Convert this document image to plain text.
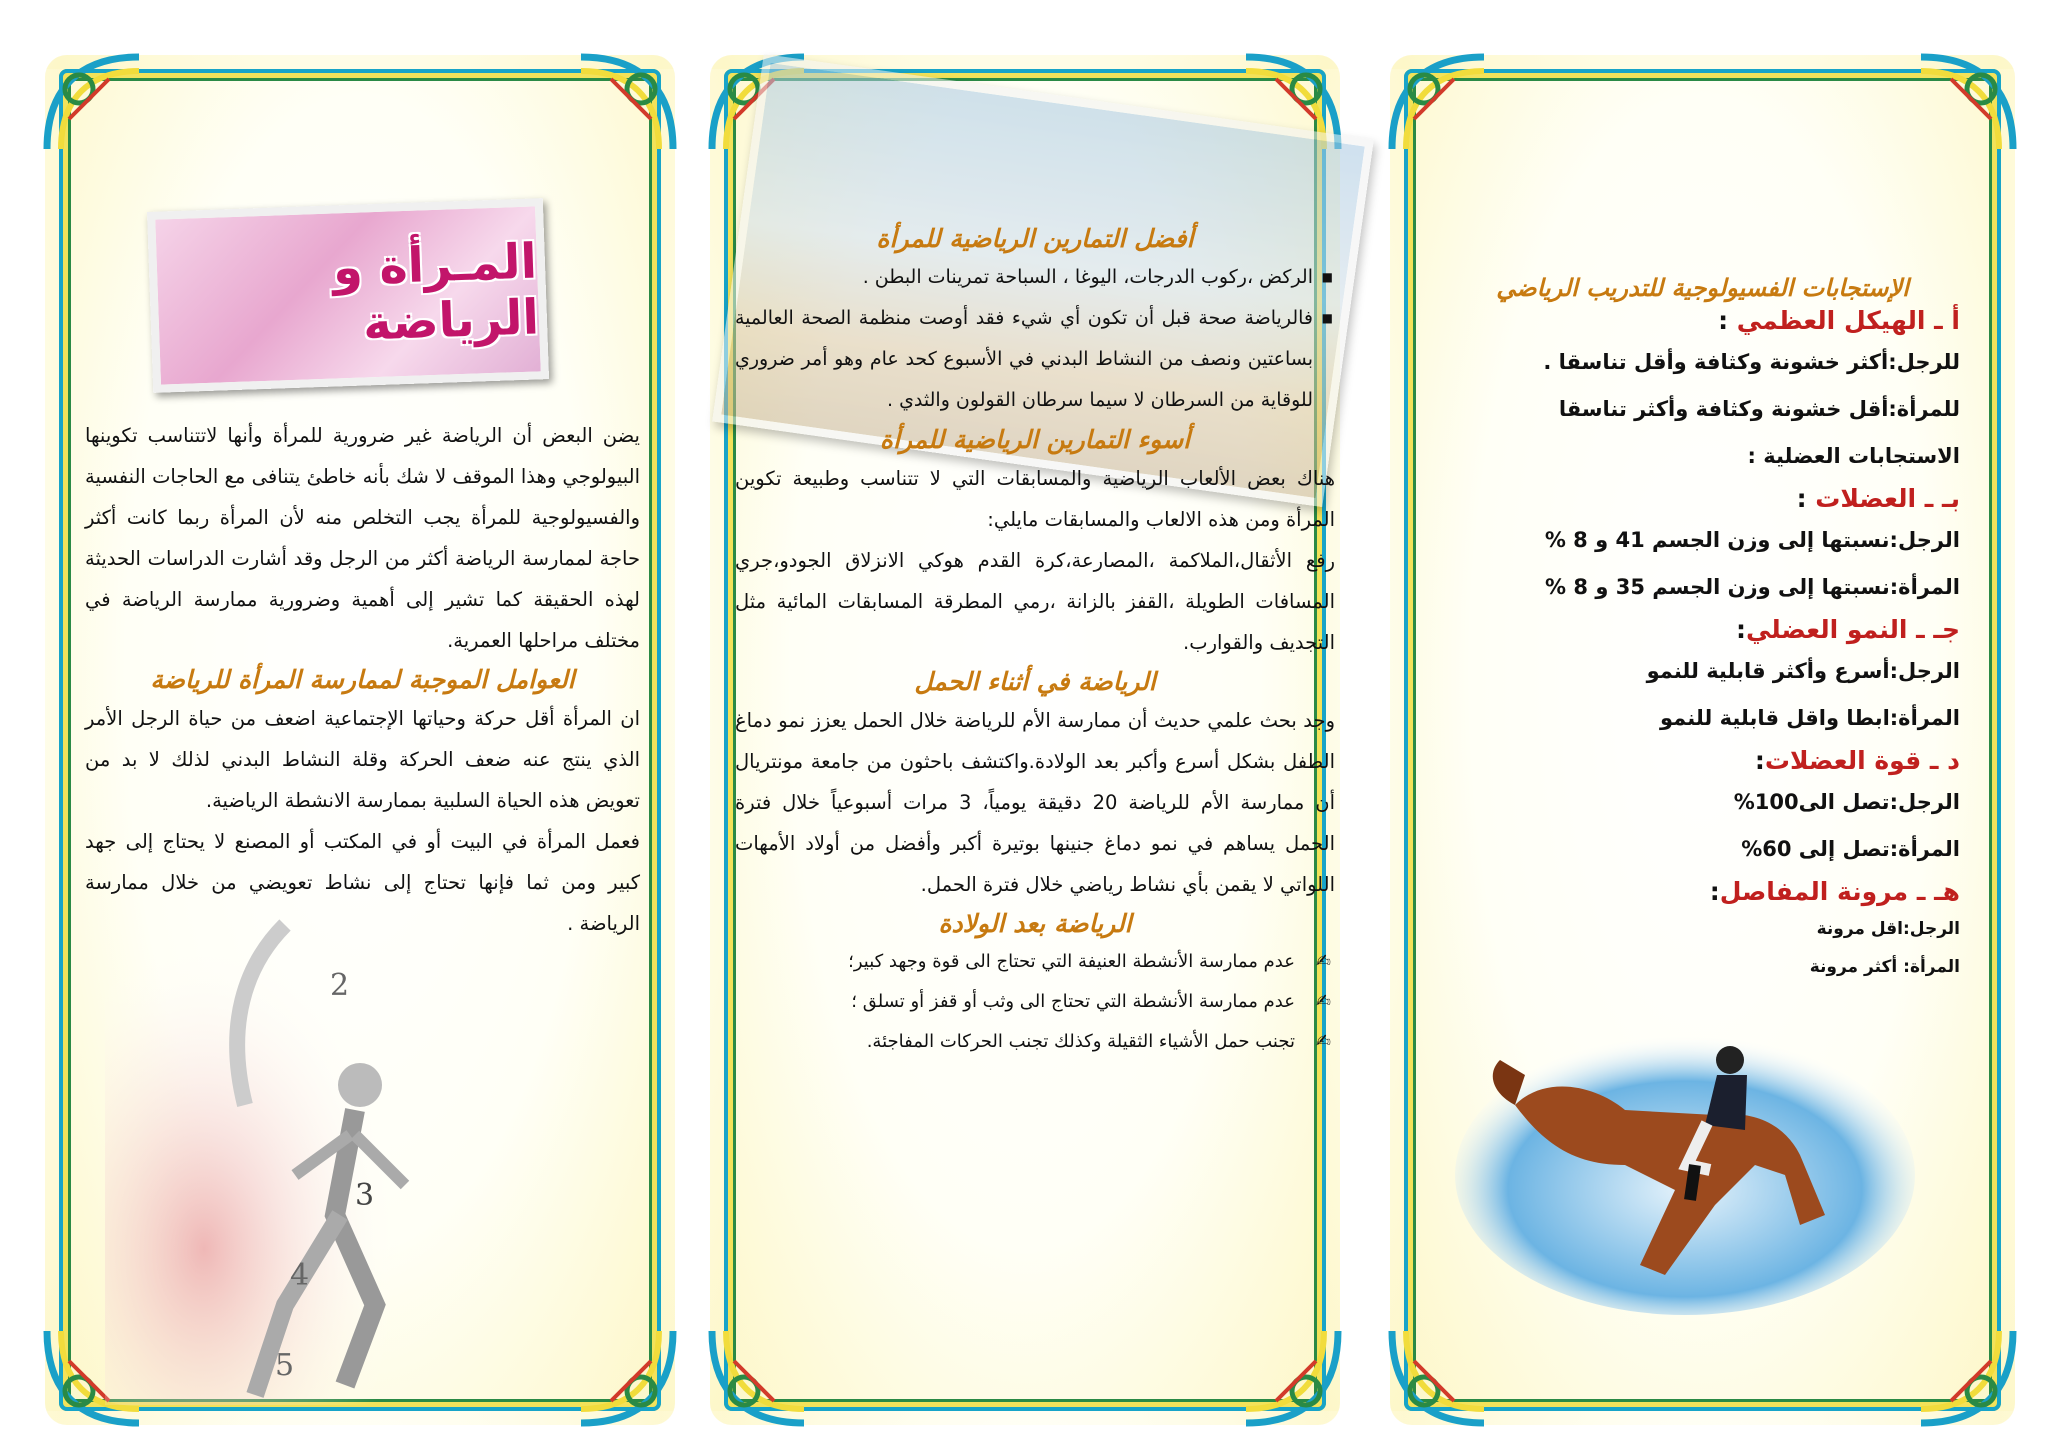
2
3
4
5
المـرأة و الرياضة

يضن البعض أن الرياضة غير ضرورية للمرأة وأنها لاتتناسب تكوينها البيولوجي وهذا الموقف لا شك بأنه خاطئ يتنافى مع الحاجات النفسية والفسيولوجية للمرأة يجب التخلص منه لأن المرأة ربما كانت أكثر حاجة لممارسة الرياضة أكثر من الرجل وقد أشارت الدراسات الحديثة لهذه الحقيقة كما تشير إلى أهمية وضرورية ممارسة الرياضة في مختلف مراحلها العمرية.

العوامل الموجبة لممارسة المرأة للرياضة

ان المرأة أقل حركة وحياتها الإجتماعية اضعف من حياة الرجل الأمر الذي ينتج عنه ضعف الحركة وقلة النشاط البدني لذلك لا بد من تعويض هذه الحياة السلبية بممارسة الانشطة الرياضية.

فعمل المرأة في البيت أو في المكتب أو المصنع لا يحتاج إلى جهد كبير ومن ثما فإنها تحتاج إلى نشاط تعويضي من خلال ممارسة الرياضة .

أفضل التمارين الرياضية للمرأة
■ الركض ،ركوب الدرجات، اليوغا ، السباحة تمرينات البطن .
■ فالرياضة صحة قبل أن تكون أي شيء فقد أوصت منظمة الصحة العالمية بساعتين ونصف من النشاط البدني في الأسبوع كحد عام وهو أمر ضروري للوقاية من السرطان لا سيما سرطان القولون والثدي .
أسوء التمارين الرياضية للمرأة

هناك بعض الألعاب الرياضية والمسابقات التي لا تتناسب وطبيعة تكوين المرأة ومن هذه الالعاب والمسابقات مايلي:

رفع الأثقال،الملاكمة ،المصارعة،كرة القدم هوكي الانزلاق الجودو،جري المسافات الطويلة ،القفز بالزانة ،رمي المطرقة المسابقات المائية مثل التجديف والقوارب.

الرياضة في أثناء الحمل

وجد بحث علمي حديث أن ممارسة الأم للرياضة خلال الحمل يعزز نمو دماغ الطفل بشكل أسرع وأكبر بعد الولادة.واكتشف باحثون من جامعة مونتريال أن ممارسة الأم للرياضة 20 دقيقة يومياً، 3 مرات أسبوعياً خلال فترة الحمل يساهم في نمو دماغ جنينها بوتيرة أكبر وأفضل من أولاد الأمهات اللواتي لا يقمن بأي نشاط رياضي خلال فترة الحمل.

الرياضة بعد الولادة
✍ عدم ممارسة الأنشطة العنيفة التي تحتاج الى قوة وجهد كبير؛
✍ عدم ممارسة الأنشطة التي تحتاج الى وثب أو قفز أو تسلق ؛
✍ تجنب حمل الأشياء الثقيلة وكذلك تجنب الحركات المفاجئة.
الإستجابات الفسيولوجية للتدريب الرياضي
أ ـ الهيكل العظمي :

للرجل:أكثر خشونة وكثافة وأقل تناسقا .

للمرأة:أقل خشونة وكثافة وأكثر تناسقا

الاستجابات العضلية :

بـ ـ العضلات :

الرجل:نسبتها إلى وزن الجسم 41 و 8 %

المرأة:نسبتها إلى وزن الجسم 35 و 8 %

جـ ـ النمو العضلي:

الرجل:أسرع وأكثر قابلية للنمو

المرأة:ابطا واقل قابلية للنمو

د ـ قوة العضلات:

الرجل:تصل الى100%

المرأة:تصل إلى 60%

هـ ـ مرونة المفاصل:

الرجل:اقل مرونة

المرأة: أكثر مرونة
